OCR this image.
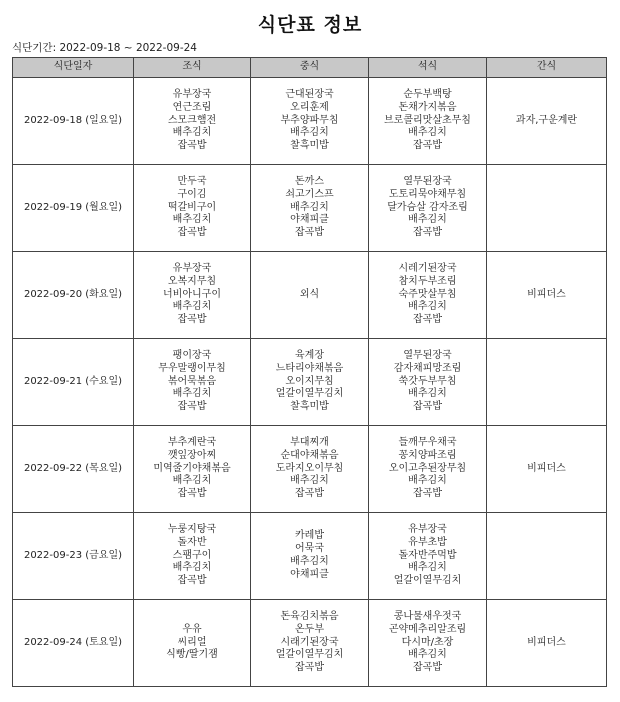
식단표 정보
식단기간: 2022-09-18 ~ 2022-09-24
식단일자	조식	중식	석식	간식
2022-09-18 (일요일)	유부장국
연근조림
스모크햄전
배추김치
잡곡밥	근대된장국
오리훈제
부추양파무침
배추김치
찰흑미밥	순두부백탕
돈채가지볶음
브로콜리맛살초무침
배추김치
잡곡밥	과자,구운계란

2022-09-19 (월요일)	만두국
구이김
떡갈비구이
배추김치
잡곡밥	돈까스
쇠고기스프
배추김치
야채피클
잡곡밥	열무된장국
도토리묵야채무침
달가슴살 감자조림
배추김치
잡곡밥	

2022-09-20 (화요일)	유부장국
오복지무침
너비아니구이
배추김치
잡곡밥	외식	시레기된장국
참치두부조림
숙주맛살무침
배추김치
잡곡밥	비피더스

2022-09-21 (수요일)	팽이장국
무우말랭이무침
볶어묵볶음
배추김치
잡곡밥	육계장
느타리야채볶음
오이지무침
얼갈이열무김치
찰흑미밥	열무된장국
감자채피망조림
쑥갓두부무침
배추김치
잡곡밥	

2022-09-22 (목요일)	부추계란국
깻잎장아찌
미역줄기야채볶음
배추김치
잡곡밥	부대찌개
순대야채볶음
도라지오이무침
배추김치
잡곡밥	들깨무우채국
꽁치양파조림
오이고추된장무침
배추김치
잡곡밥	비피더스

2022-09-23 (금요일)	누룽지탕국
돌자반
스팸구이
배추김치
잡곡밥	카레밥
어묵국
배추김치
야채피클	유부장국
유부초밥
돌자반주먹밥
배추김치
얼갈이열무김치	

2022-09-24 (토요일)	우유
씨리얼
식빵/딸기잼	돈육김치볶음
온두부
시래기된장국
얼갈이열무김치
잡곡밥	콩나물새우젓국
곤약메추리알조림
다시마/초장
배추김치
잡곡밥	비피더스
